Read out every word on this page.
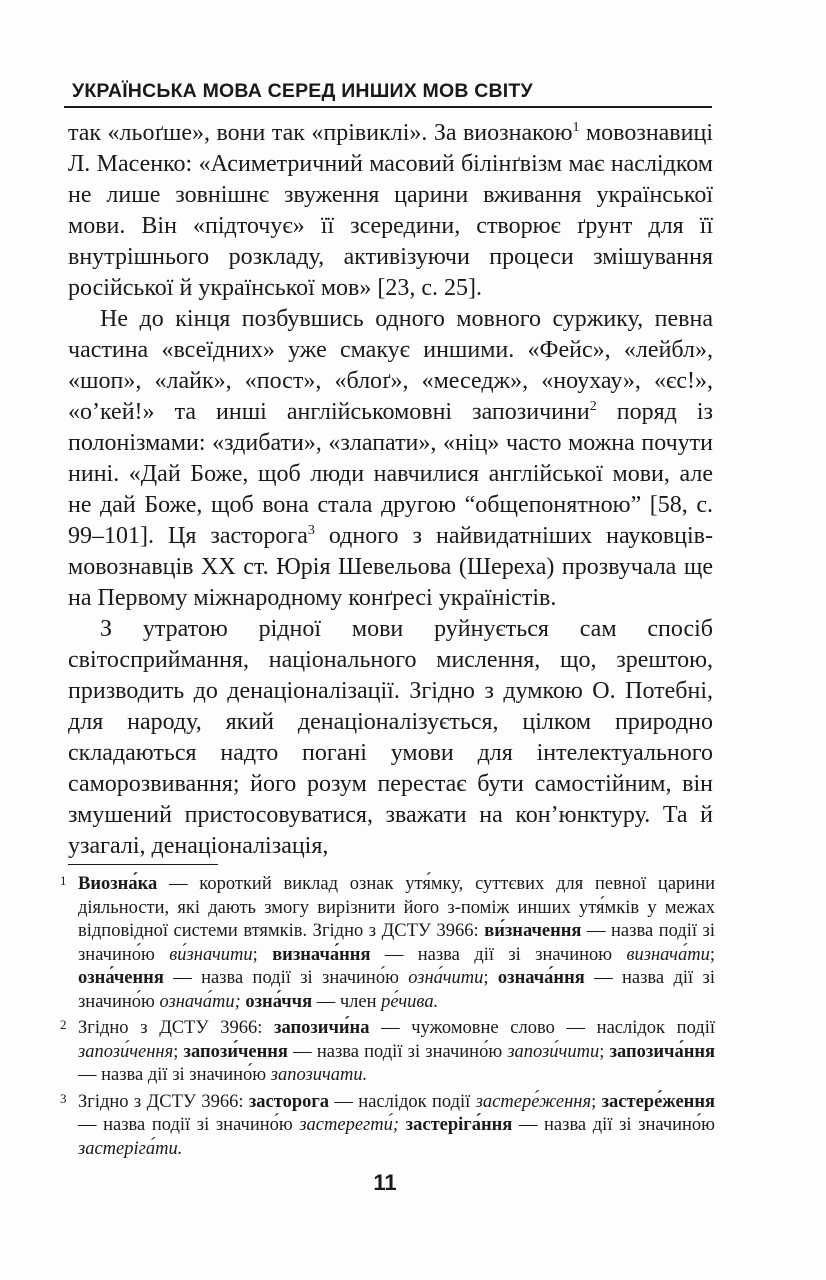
УКРАЇНСЬКА МОВА СЕРЕД ИНШИХ МОВ СВІТУ

так «льоґше», вони так «прівиклі». За виознакою$^1$ мовознавиці Л. Масенко: «Асиметричний масовий білінґвізм має наслідком не лише зовнішнє звуження царини вживання української мови. Він «підточує» її зсередини, створює ґрунт для її внутрішнього розкладу, активізуючи процеси змішування російської й української мов» [23, с. 25].

Не до кінця позбувшись одного мовного суржику, певна частина «всеїдних» уже смакує иншими. «Фейс», «лейбл», «шоп», «лайк», «пост», «блоґ», «меседж», «ноухау», «єс!», «о’кей!» та инші англійськомовні запозичини$^2$ поряд із полонізмами: «здибати», «злапати», «ніц» часто можна почути нині. «Дай Боже, щоб люди навчилися англійської мови, але не дай Боже, щоб вона стала другою “общепонятною” [58, с. 99–101]. Ця засторога$^3$ одного з найвидатніших науковців-мовознавців ХХ ст. Юрія Шевельова (Шереха) прозвучала ще на Первому міжнародному конґресі україністів.

З утратою рідної мови руйнується сам спосіб світосприймання, національного мислення, що, зрештою, призводить до денаціоналізації. Згідно з думкою О. Потебні, для народу, який денаціоналізується, цілком природно складаються надто погані умови для інтелектуального саморозвивання; його розум перестає бути самостійним, він змушений пристосовуватися, зважати на кон’юнктуру. Та й узагалі, денаціоналізація,

1 Виозна́ка — короткий виклад ознак утя́мку, суттєвих для певної царини діяльности, які дають змогу вирізнити його з-поміж инших утя́мків у межах відповідної системи втямків. Згідно з ДСТУ 3966: ви́значення — назва події зі значино́ю ви́значити; визнача́ння — назва дії зі значиною визнача́ти; озна́чення — назва події зі значино́ю озна́чити; означа́ння — назва дії зі значино́ю означа́ти; озна́ччя — член ре́чива.

2 Згідно з ДСТУ 3966: запозичи́на — чужомовне слово — наслідок події запози́чення; запози́чення — назва події зі значино́ю запози́чити; запозича́ння — назва дії зі значино́ю запозичати.

3 Згідно з ДСТУ 3966: засторога — наслідок події застере́ження; застере́ження — назва події зі значино́ю застерегти́; застеріга́ння — назва дії зі значино́ю застеріга́ти.

11
